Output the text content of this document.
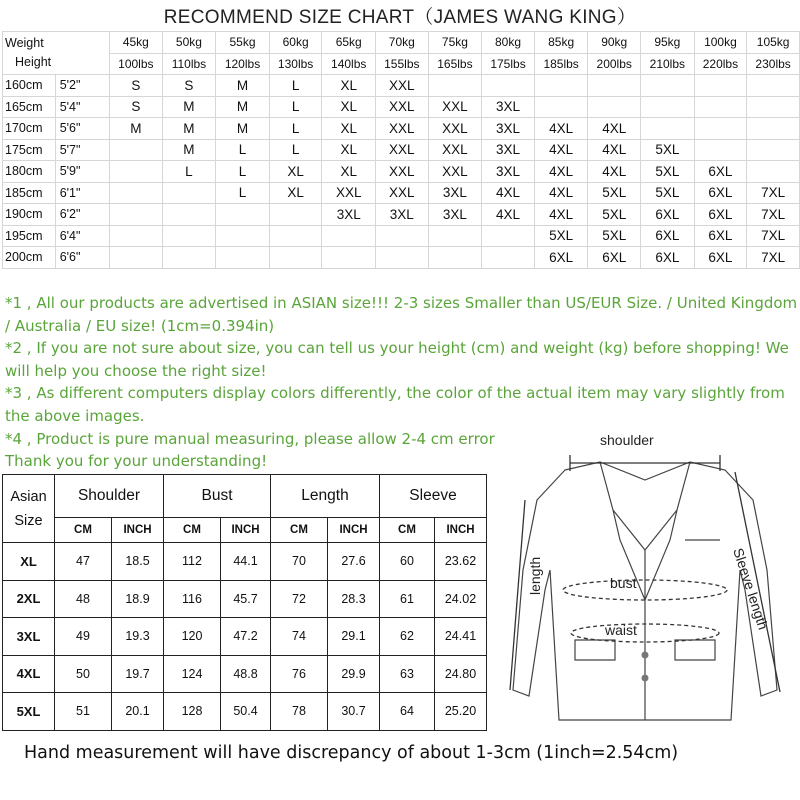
RECOMMEND SIZE CHART（JAMES WANG KING）
Weight
Height		45kg	50kg	55kg	60kg	65kg	70kg	75kg	80kg	85kg	90kg	95kg	100kg	105kg
		100lbs	110lbs	120lbs	130lbs	140lbs	155lbs	165lbs	175lbs	185lbs	200lbs	210lbs	220lbs	230lbs
160cm	5'2"	S	S	M	L	XL	XXL							
165cm	5'4"	S	M	M	L	XL	XXL	XXL	3XL					
170cm	5'6"	M	M	M	L	XL	XXL	XXL	3XL	4XL	4XL			
175cm	5'7"		M	L	L	XL	XXL	XXL	3XL	4XL	4XL	5XL		
180cm	5'9"		L	L	XL	XL	XXL	XXL	3XL	4XL	4XL	5XL	6XL	
185cm	6'1"			L	XL	XXL	XXL	3XL	4XL	4XL	5XL	5XL	6XL	7XL
190cm	6'2"					3XL	3XL	3XL	4XL	4XL	5XL	6XL	6XL	7XL
195cm	6'4"									5XL	5XL	6XL	6XL	7XL
200cm	6'6"									6XL	6XL	6XL	6XL	7XL

*1 , All our products are advertised in ASIAN size!!! 2-3 sizes Smaller than US/EUR Size. / United Kingdom / Australia / EU size! (1cm=0.394in)

*2 , If you are not sure about size, you can tell us your height (cm) and weight (kg) before shopping! We will help you choose the right size!

*3 , As different computers display colors differently, the color of the actual item may vary slightly from the above images.

*4 , Product is pure manual measuring, please allow 2-4 cm error

Thank you for your understanding!

Asian
Size	Shoulder		Bust		Length		Sleeve	
	CM	INCH	CM	INCH	CM	INCH	CM	INCH
XL	47	18.5	112	44.1	70	27.6	60	23.62
2XL	48	18.9	116	45.7	72	28.3	61	24.02
3XL	49	19.3	120	47.2	74	29.1	62	24.41
4XL	50	19.7	124	48.8	76	29.9	63	24.80
5XL	51	20.1	128	50.4	78	30.7	64	25.20
shoulder
bust
waist
length	Sleeve length
Hand measurement will have discrepancy of about 1-3cm (1inch=2.54cm)
